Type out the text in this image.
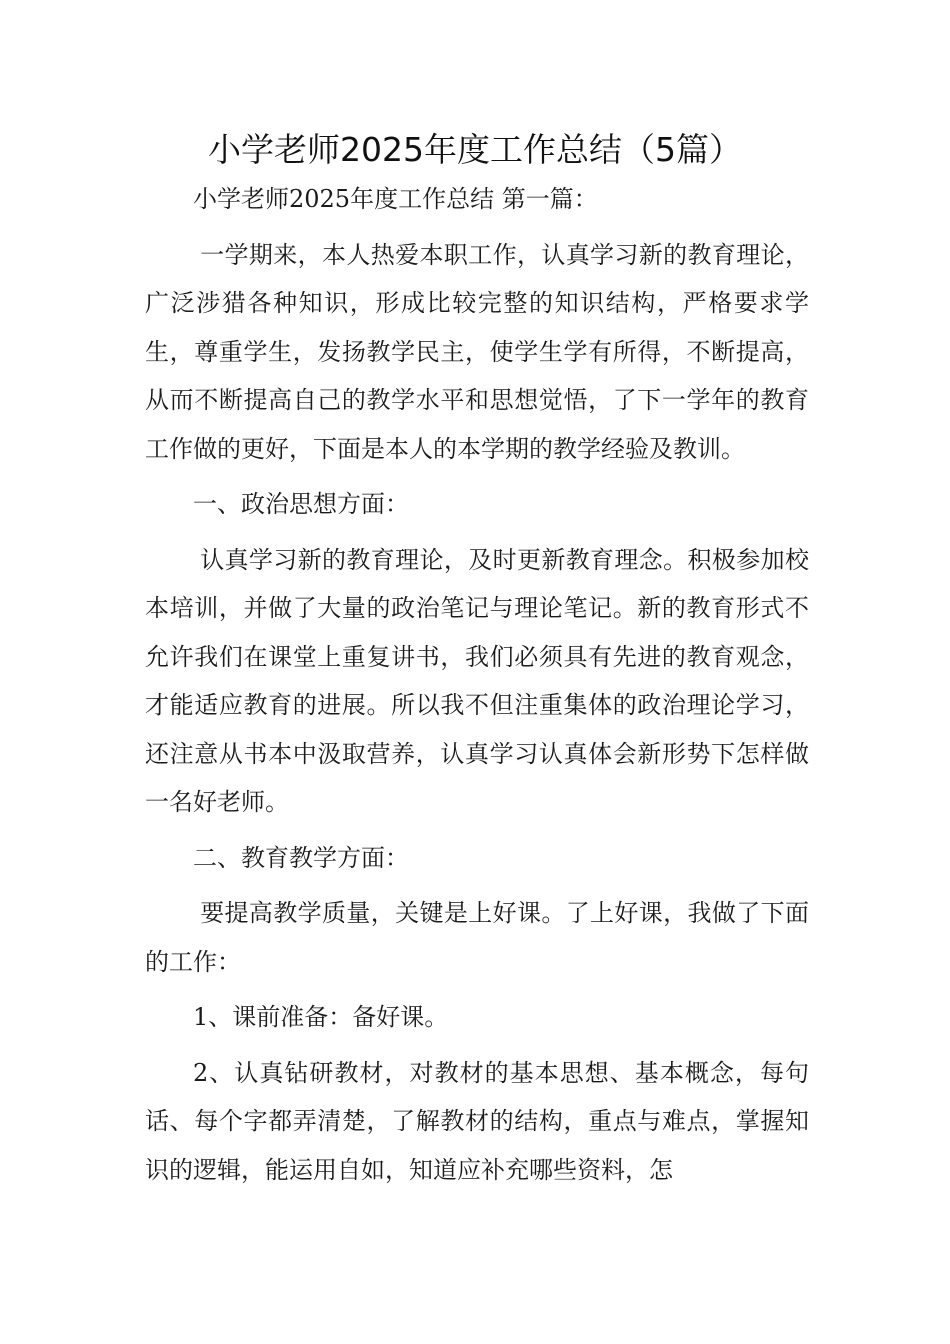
小学老师2025年度工作总结（5篇）

小学老师2025年度工作总结 第一篇：

一学期来，本人热爱本职工作，认真学习新的教育理论，广泛涉猎各种知识，形成比较完整的知识结构，严格要求学生，尊重学生，发扬教学民主，使学生学有所得，不断提高，从而不断提高自己的教学水平和思想觉悟，了下一学年的教育工作做的更好，下面是本人的本学期的教学经验及教训。

一、政治思想方面：

认真学习新的教育理论，及时更新教育理念。积极参加校本培训，并做了大量的政治笔记与理论笔记。新的教育形式不允许我们在课堂上重复讲书，我们必须具有先进的教育观念，才能适应教育的进展。所以我不但注重集体的政治理论学习，还注意从书本中汲取营养，认真学习认真体会新形势下怎样做一名好老师。

二、教育教学方面：

要提高教学质量，关键是上好课。了上好课，我做了下面的工作：

1、课前准备：备好课。

2、认真钻研教材，对教材的基本思想、基本概念，每句话、每个字都弄清楚，了解教材的结构，重点与难点，掌握知识的逻辑，能运用自如，知道应补充哪些资料，怎
